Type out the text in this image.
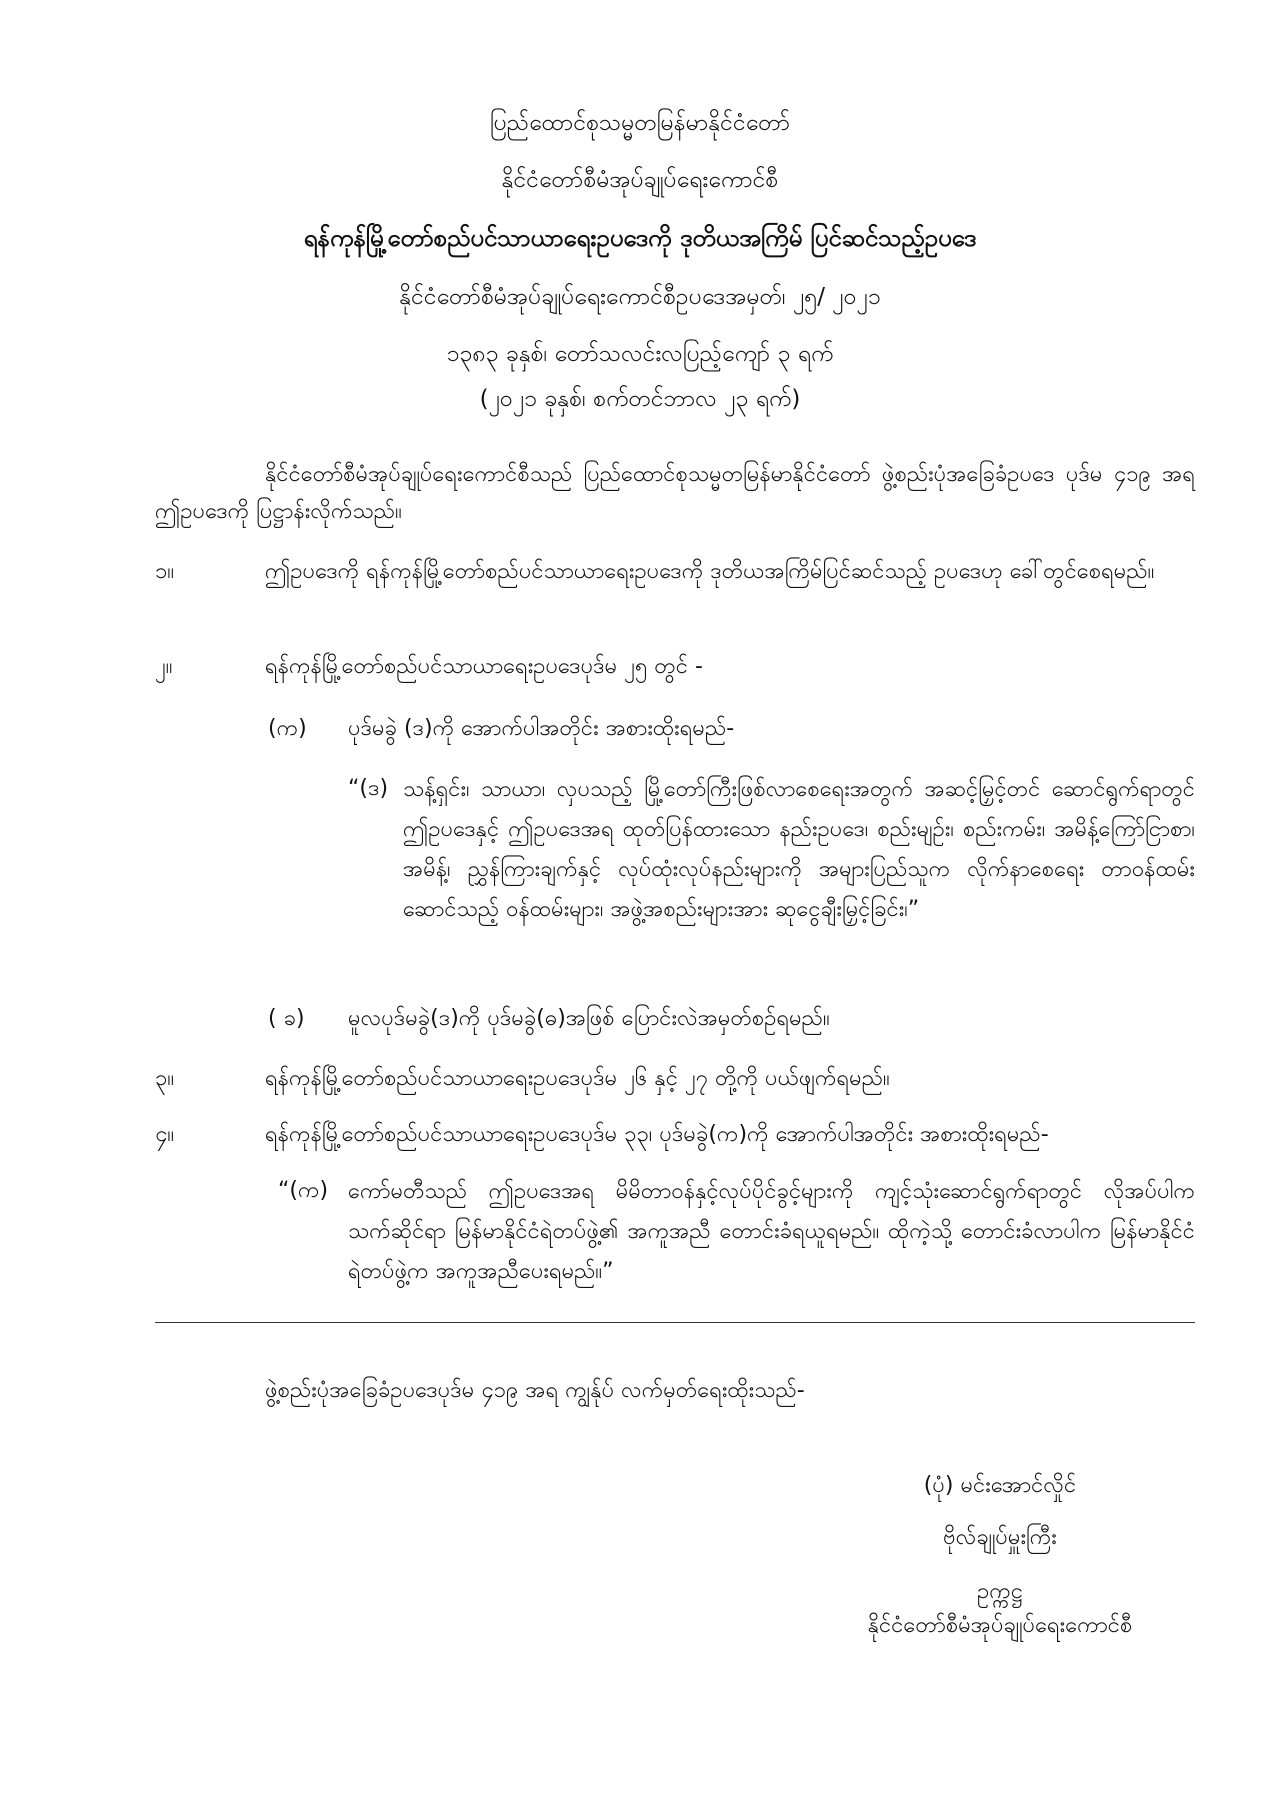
ပြည်ထောင်စုသမ္မတမြန်မာနိုင်ငံတော်
နိုင်ငံတော်စီမံအုပ်ချုပ်ရေးကောင်စီ
ရန်ကုန်မြို့တော်စည်ပင်သာယာရေးဥပဒေကို ဒုတိယအကြိမ် ပြင်ဆင်သည့်ဥပဒေ
နိုင်ငံတော်စီမံအုပ်ချုပ်ရေးကောင်စီဥပဒေအမှတ်၊ ၂၅/ ၂၀၂၁
၁၃၈၃ ခုနှစ်၊ တော်သလင်းလပြည့်ကျော် ၃ ရက်
(၂၀၂၁ ခုနှစ်၊ စက်တင်ဘာလ ၂၃ ရက်)
နိုင်ငံတော်စီမံအုပ်ချုပ်ရေးကောင်စီသည် ပြည်ထောင်စုသမ္မတမြန်မာနိုင်ငံတော် ဖွဲ့စည်းပုံအခြေခံဥပဒေ ပုဒ်မ ၄၁၉ အရ ဤဥပဒေကို ပြဋ္ဌာန်းလိုက်သည်။
၁။	ဤဥပဒေကို ရန်ကုန်မြို့တော်စည်ပင်သာယာရေးဥပဒေကို ဒုတိယအကြိမ်ပြင်ဆင်သည့် ဥပဒေဟု ခေါ်တွင်စေရမည်။
၂။	ရန်ကုန်မြို့တော်စည်ပင်သာယာရေးဥပဒေပုဒ်မ ၂၅ တွင် -
(က) ပုဒ်မခွဲ (ဒ)ကို အောက်ပါအတိုင်း အစားထိုးရမည်-
“(ဒ) သန့်ရှင်း၊ သာယာ၊ လှပသည့် မြို့တော်ကြီးဖြစ်လာစေရေးအတွက် အဆင့်မြှင့်တင် ဆောင်ရွက်ရာတွင် ဤဥပဒေနှင့် ဤဥပဒေအရ ထုတ်ပြန်ထားသော နည်းဥပဒေ၊ စည်းမျဉ်း၊ စည်းကမ်း၊ အမိန့်ကြော်ငြာစာ၊ အမိန့်၊ ညွှန်ကြားချက်နှင့် လုပ်ထုံးလုပ်နည်းများကို အများပြည်သူက လိုက်နာစေရေး တာဝန်ထမ်းဆောင်သည့် ဝန်ထမ်းများ၊ အဖွဲ့အစည်းများအား ဆုငွေချီးမြှင့်ခြင်း၊”
( ခ) မူလပုဒ်မခွဲ(ဒ)ကို ပုဒ်မခွဲ(ဓ)အဖြစ် ပြောင်းလဲအမှတ်စဉ်ရမည်။
၃။	ရန်ကုန်မြို့တော်စည်ပင်သာယာရေးဥပဒေပုဒ်မ ၂၆ နှင့် ၂၇ တို့ကို ပယ်ဖျက်ရမည်။
၄။	ရန်ကုန်မြို့တော်စည်ပင်သာယာရေးဥပဒေပုဒ်မ ၃၃၊ ပုဒ်မခွဲ(က)ကို အောက်ပါအတိုင်း အစားထိုးရမည်-
“(က) ကော်မတီသည် ဤဥပဒေအရ မိမိတာဝန်နှင့်လုပ်ပိုင်ခွင့်များကို ကျင့်သုံးဆောင်ရွက်ရာတွင် လိုအပ်ပါက သက်ဆိုင်ရာ မြန်မာနိုင်ငံရဲတပ်ဖွဲ့၏ အကူအညီ တောင်းခံရယူရမည်။ ထိုကဲ့သို့ တောင်းခံလာပါက မြန်မာနိုင်ငံရဲတပ်ဖွဲ့က အကူအညီပေးရမည်။”
ဖွဲ့စည်းပုံအခြေခံဥပဒေပုဒ်မ ၄၁၉ အရ ကျွန်ုပ် လက်မှတ်ရေးထိုးသည်-
(ပုံ) မင်းအောင်လှိုင်
ဗိုလ်ချုပ်မှူးကြီး
ဥက္ကဋ္ဌ
နိုင်ငံတော်စီမံအုပ်ချုပ်ရေးကောင်စီ
